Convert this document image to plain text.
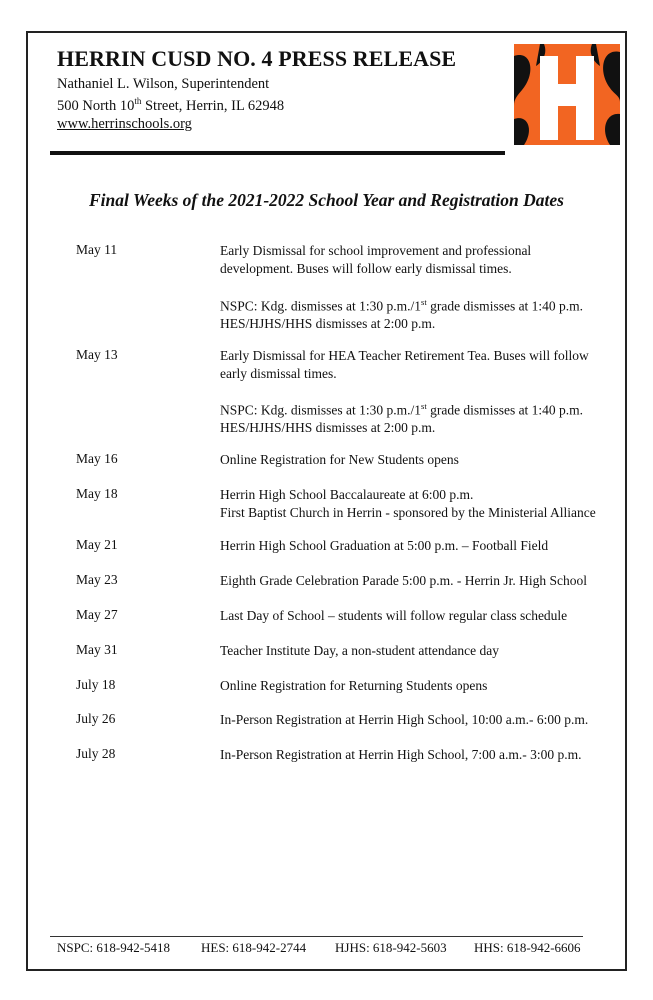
HERRIN CUSD NO. 4 PRESS RELEASE
Nathaniel L. Wilson, Superintendent
500 North 10th Street, Herrin, IL 62948
www.herrinschools.org
Final Weeks of the 2021-2022 School Year and Registration Dates
May 11	Early Dismissal for school improvement and professional
development. Buses will follow early dismissal times.
NSPC: Kdg. dismisses at 1:30 p.m./1st grade dismisses at 1:40 p.m.
HES/HJHS/HHS dismisses at 2:00 p.m.
May 13	Early Dismissal for HEA Teacher Retirement Tea. Buses will follow
early dismissal times.
NSPC: Kdg. dismisses at 1:30 p.m./1st grade dismisses at 1:40 p.m.
HES/HJHS/HHS dismisses at 2:00 p.m.
May 16	Online Registration for New Students opens
May 18	Herrin High School Baccalaureate at 6:00 p.m.
First Baptist Church in Herrin - sponsored by the Ministerial Alliance
May 21	Herrin High School Graduation at 5:00 p.m. – Football Field
May 23	Eighth Grade Celebration Parade 5:00 p.m. - Herrin Jr. High School
May 27	Last Day of School – students will follow regular class schedule
May 31	Teacher Institute Day, a non-student attendance day
July 18	Online Registration for Returning Students opens
July 26	In-Person Registration at Herrin High School, 10:00 a.m.- 6:00 p.m.
July 28	In-Person Registration at Herrin High School, 7:00 a.m.- 3:00 p.m.
NSPC: 618-942-5418 HES: 618-942-2744 HJHS: 618-942-5603 HHS: 618-942-6606
